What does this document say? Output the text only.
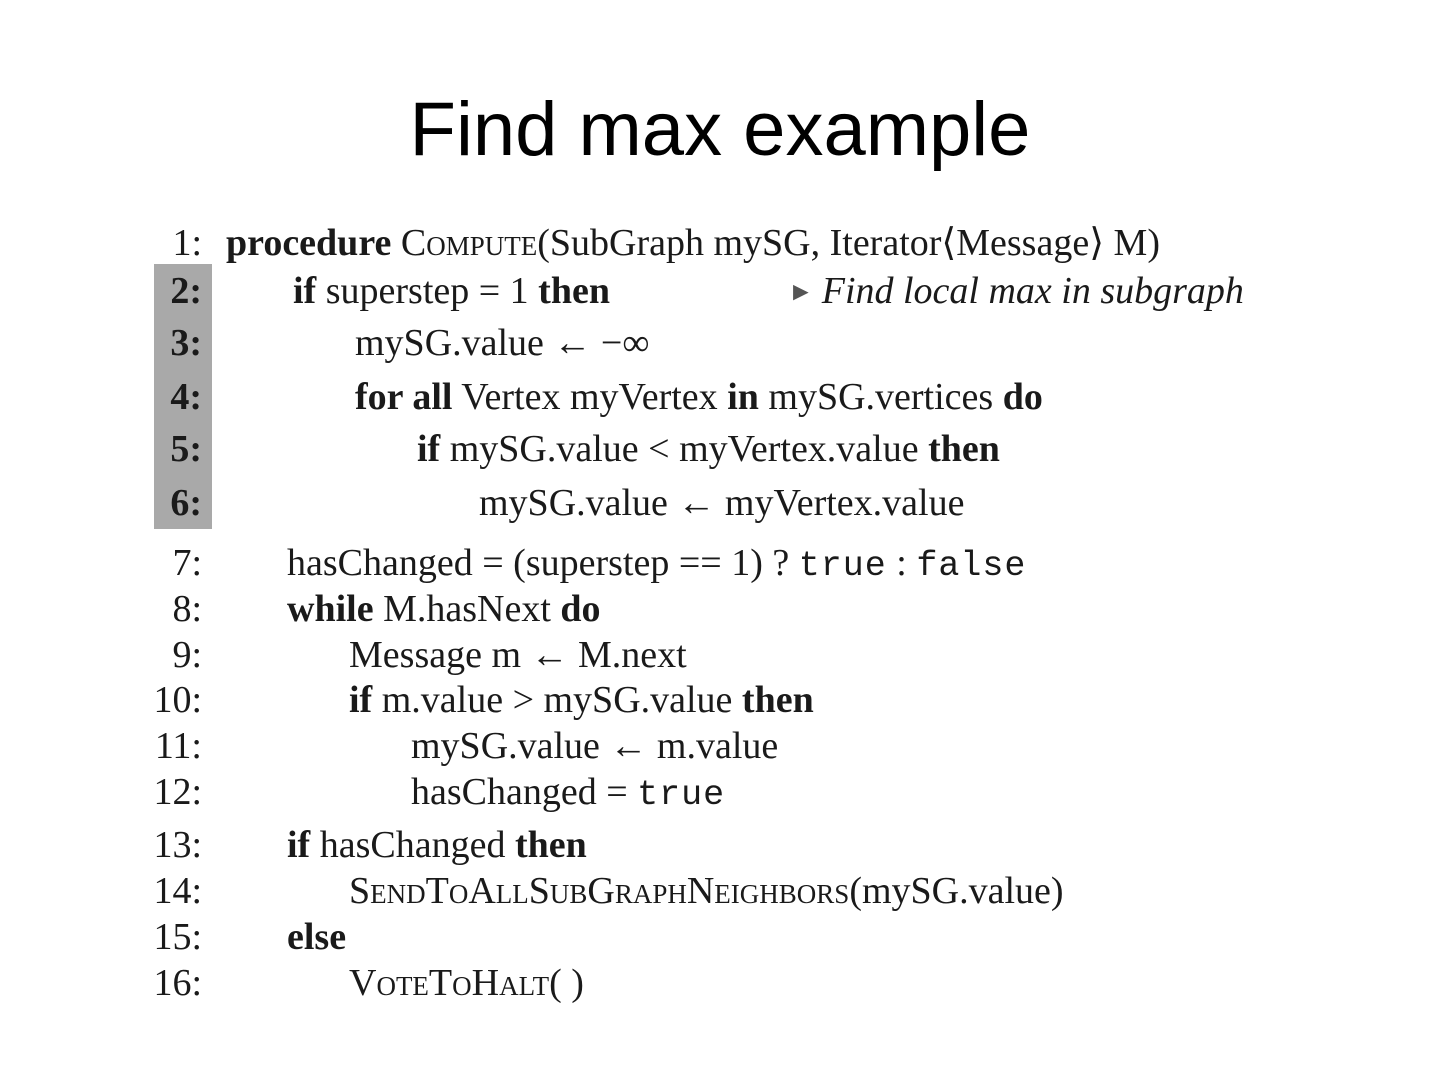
Find max example
1: procedure Compute(SubGraph mySG, Iterator⟨Message⟩ M)
2: if superstep = 1 then	► Find local max in subgraph
3:	mySG.value ← −∞
4:	for all Vertex myVertex in mySG.vertices do
5:	if mySG.value < myVertex.value then
6:	mySG.value ← myVertex.value
7: hasChanged = (superstep == 1) ? true : false
8: while M.hasNext do
9:	Message m ← M.next
10:	if m.value > mySG.value then
11:	mySG.value ← m.value
12:	hasChanged = true
13: if hasChanged then
14:	SendToAllSubGraphNeighbors(mySG.value)
15: else
16:	VoteToHalt( )
